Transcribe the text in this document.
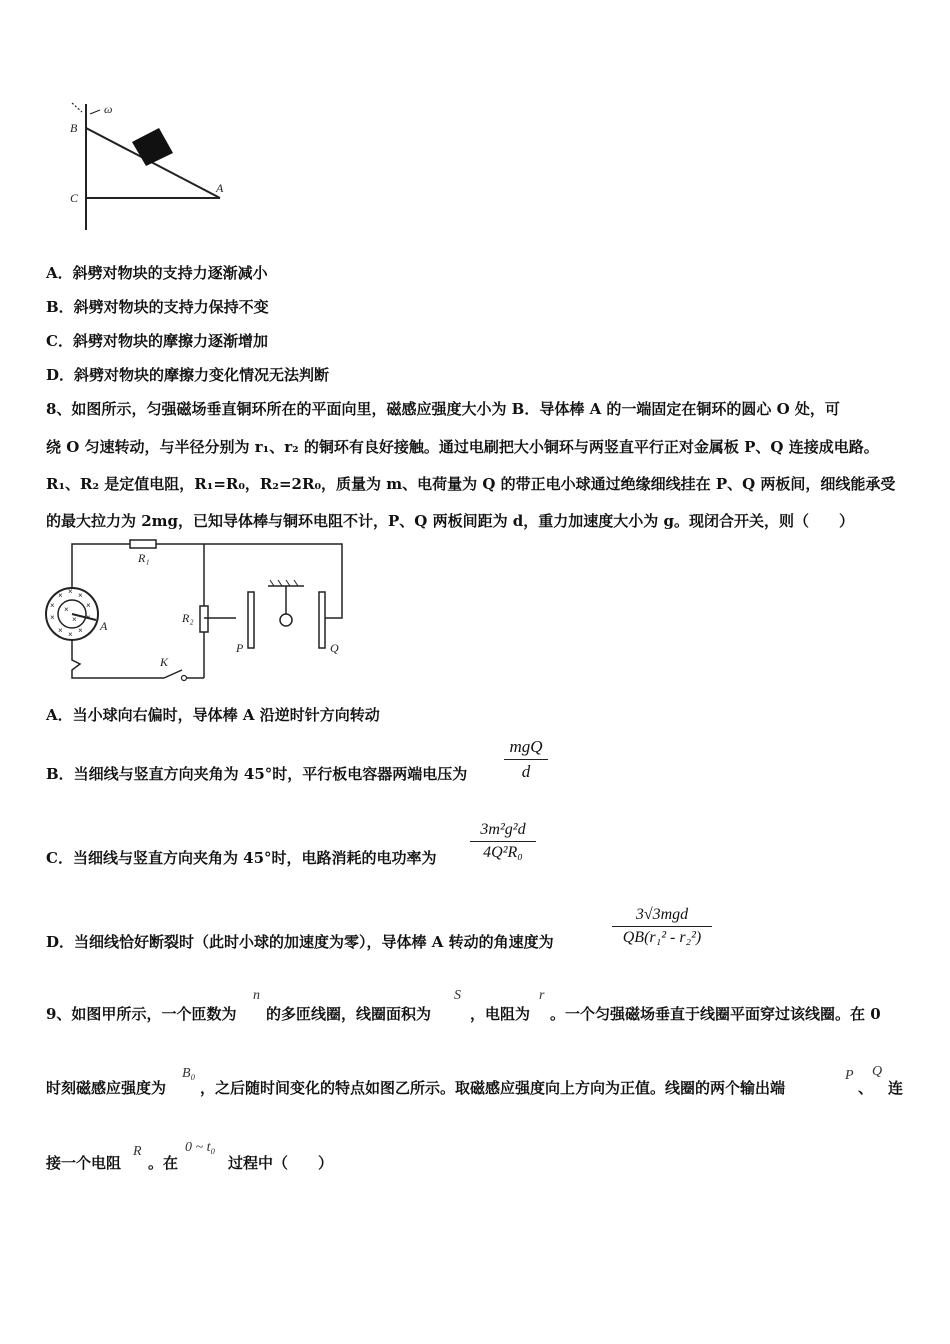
ω
B
C
A
A．斜劈对物块的支持力逐渐减小
B．斜劈对物块的支持力保持不变
C．斜劈对物块的摩擦力逐渐增加
D．斜劈对物块的摩擦力变化情况无法判断
8、如图所示，匀强磁场垂直铜环所在的平面向里，磁感应强度大小为 B．导体棒 A 的一端固定在铜环的圆心 O 处，可
绕 O 匀速转动，与半径分别为 r₁、r₂ 的铜环有良好接触。通过电刷把大小铜环与两竖直平行正对金属板 P、Q 连接成电路。
R₁、R₂ 是定值电阻，R₁=R₀，R₂=2R₀，质量为 m、电荷量为 Q 的带正电小球通过绝缘细线挂在 P、Q 两板间，细线能承受
的最大拉力为 2mg，已知导体棒与铜环电阻不计，P、Q 两板间距为 d，重力加速度大小为 g。现闭合开关，则（　　）
× × ×
×	×
×
× × ×
×
×
R₁
R₂
A
K
P	Q
A．当小球向右偏时，导体棒 A 沿逆时针方向转动
B．当细线与竖直方向夹角为 45°时，平行板电容器两端电压为
mgQ
d
C．当细线与竖直方向夹角为 45°时，电路消耗的电功率为
3m²g²d
4Q²R₀
D．当细线恰好断裂时（此时小球的加速度为零），导体棒 A 转动的角速度为
3√3mgd
QB(r₁² - r₂²)
9、如图甲所示，一个匝数为
n
的多匝线圈，线圈面积为
S
，电阻为
r
。一个匀强磁场垂直于线圈平面穿过该线圈。在 0
时刻磁感应强度为
B₀
，之后随时间变化的特点如图乙所示。取磁感应强度向上方向为正值。线圈的两个输出端
P
、
Q
连
接一个电阻
R
。在
0 ~ t₀
过程中（　　）
